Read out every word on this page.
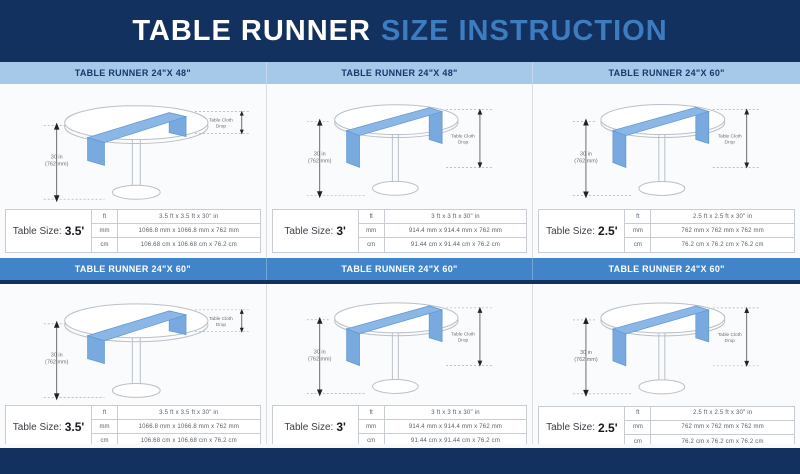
TABLE RUNNER SIZE INSTRUCTION
TABLE RUNNER 24"X 48"	TABLE RUNNER 24"X 48"	TABLE RUNNER 24"X 60"
30 in
(762 mm)
Table Cloth
Drop
Table Size: 3.5'
ft	3.5 ft x 3.5 ft x 30" in
mm	1066.8 mm x 1066.8 mm x 762 mm
cm	106.68 cm x 106.68 cm x 76.2 cm
30 in
(762 mm)
Table Cloth
Drop
Table Size: 3'
ft	3 ft x 3 ft x 30" in
mm	914.4 mm x 914.4 mm x 762 mm
cm	91.44 cm x 91.44 cm x 76.2 cm
30 in
(762 mm)
Table Cloth
Drop
Table Size: 2.5'
ft	2.5 ft x 2.5 ft x 30" in
mm	762 mm x 762 mm x 762 mm
cm	76.2 cm x 76.2 cm x 76.2 cm
TABLE RUNNER 24"X 60"	TABLE RUNNER 24"X 60"	TABLE RUNNER 24"X 60"
30 in
(762 mm)
Table Cloth
Drop
Table Size: 3.5'
ft	3.5 ft x 3.5 ft x 30" in
mm	1066.8 mm x 1066.8 mm x 762 mm
cm	106.68 cm x 106.68 cm x 76.2 cm
30 in
(762 mm)
Table Cloth
Drop
Table Size: 3'
ft	3 ft x 3 ft x 30" in
mm	914.4 mm x 914.4 mm x 762 mm
cm	91.44 cm x 91.44 cm x 76.2 cm
30 in
(762 mm)
Table Cloth
Drop
Table Size: 2.5'
ft	2.5 ft x 2.5 ft x 30" in
mm	762 mm x 762 mm x 762 mm
cm	76.2 cm x 76.2 cm x 76.2 cm
